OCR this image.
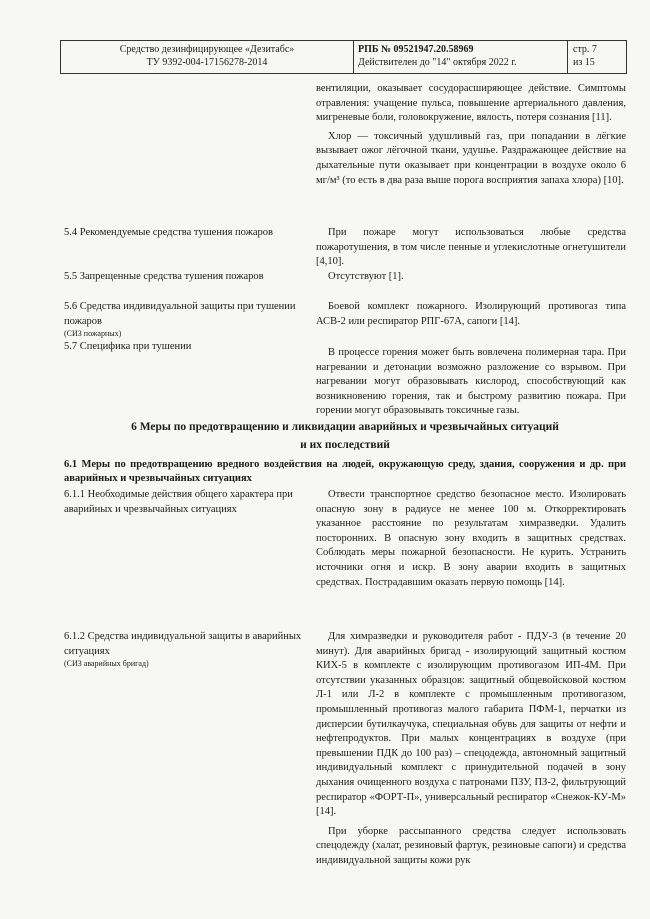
Средство дезинфицирующее «Дезитабс»
ТУ 9392-004-17156278-2014
РПБ № 09521947.20.58969
Действителен до "14" октября 2022 г.
стр. 7
из 15

вентиляции, оказывает сосудорасширяющее действие. Симптомы отравления: учащение пульса, повышение артериального давления, мигреневые боли, головокружение, вялость, потеря сознания [11].

Хлор — токсичный удушливый газ, при попадании в лёгкие вызывает ожог лёгочной ткани, удушье. Раздражающее действие на дыхательные пути оказывает при концентрации в воздухе около 6 мг/м³ (то есть в два раза выше порога восприятия запаха хлора) [10].

5.4 Рекомендуемые средства тушения пожаров	При пожаре могут использоваться любые средства пожаротушения, в том числе пенные и углекислотные огнетушители [4,10].
5.5 Запрещенные средства тушения пожаров	Отсутствуют [1].
5.6 Средства индивидуальной защиты при тушении пожаров
(СИЗ пожарных)
Боевой комплект пожарного. Изолирующий противогаз типа АСВ-2 или респиратор РПГ-67А, сапоги [14].
5.7 Специфика при тушении
В процессе горения может быть вовлечена полимерная тара. При нагревании и детонации возможно разложение со взрывом. При нагревании могут образовывать кислород, способствующий как возникновению горения, так и быстрому развитию пожара. При горении могут образовывать токсичные газы.
6 Меры по предотвращению и ликвидации аварийных и чрезвычайных ситуаций
и их последствий
6.1 Меры по предотвращению вредного воздействия на людей, окружающую среду, здания, сооружения и др. при аварийных и чрезвычайных ситуациях
6.1.1 Необходимые действия общего характера при аварийных и чрезвычайных ситуациях
Отвести транспортное средство безопасное место. Изолировать опасную зону в радиусе не менее 100 м. Откорректировать указанное расстояние по результатам химразведки. Удалить посторонних. В опасную зону входить в защитных средствах. Соблюдать меры пожарной безопасности. Не курить. Устранить источники огня и искр. В зону аварии входить в защитных средствах. Пострадавшим оказать первую помощь [14].
6.1.2 Средства индивидуальной защиты в аварийных ситуациях
(СИЗ аварийных бригад)

Для химразведки и руководителя работ - ПДУ-3 (в течение 20 минут). Для аварийных бригад - изолирующий защитный костюм КИХ-5 в комплекте с изолирующим противогазом ИП-4М. При отсутствии указанных образцов: защитный общевойсковой костюм Л-1 или Л-2 в комплекте с промышленным противогазом, промышленный противогаз малого габарита ПФМ-1, перчатки из дисперсии бутилкаучука, специальная обувь для защиты от нефти и нефтепродуктов. При малых концентрациях в воздухе (при превышении ПДК до 100 раз) – спецодежда, автономный защитный индивидуальный комплект с принудительной подачей в зону дыхания очищенного воздуха с патронами ПЗУ, ПЗ-2, фильтрующий респиратор «ФОРТ-П», универсальный респиратор «Снежок-КУ-М» [14].

При уборке рассыпанного средства следует использовать спецодежду (халат, резиновый фартук, резиновые сапоги) и средства индивидуальной защиты кожи рук
